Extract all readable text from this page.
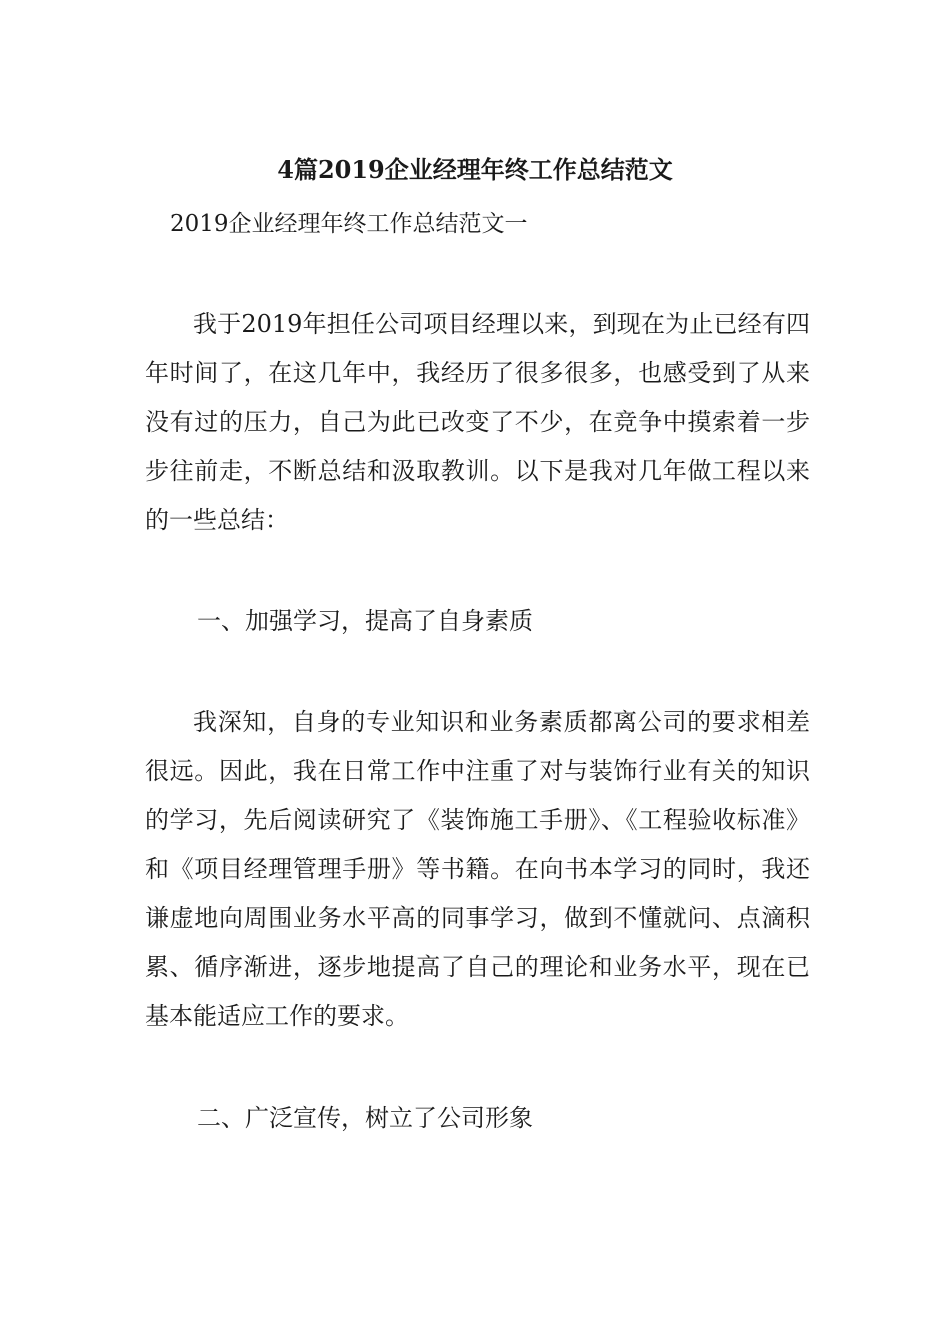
4篇2019企业经理年终工作总结范文
2019企业经理年终工作总结范文一

我于2019年担任公司项目经理以来，到现在为止已经有四年时间了，在这几年中，我经历了很多很多，也感受到了从来没有过的压力，自己为此已改变了不少，在竞争中摸索着一步步往前走，不断总结和汲取教训。以下是我对几年做工程以来的一些总结：

一、加强学习，提高了自身素质

我深知，自身的专业知识和业务素质都离公司的要求相差很远。因此，我在日常工作中注重了对与装饰行业有关的知识的学习，先后阅读研究了《装饰施工手册》、《工程验收标准》和《项目经理管理手册》等书籍。在向书本学习的同时，我还谦虚地向周围业务水平高的同事学习，做到不懂就问、点滴积累、循序渐进，逐步地提高了自己的理论和业务水平，现在已基本能适应工作的要求。

二、广泛宣传，树立了公司形象
